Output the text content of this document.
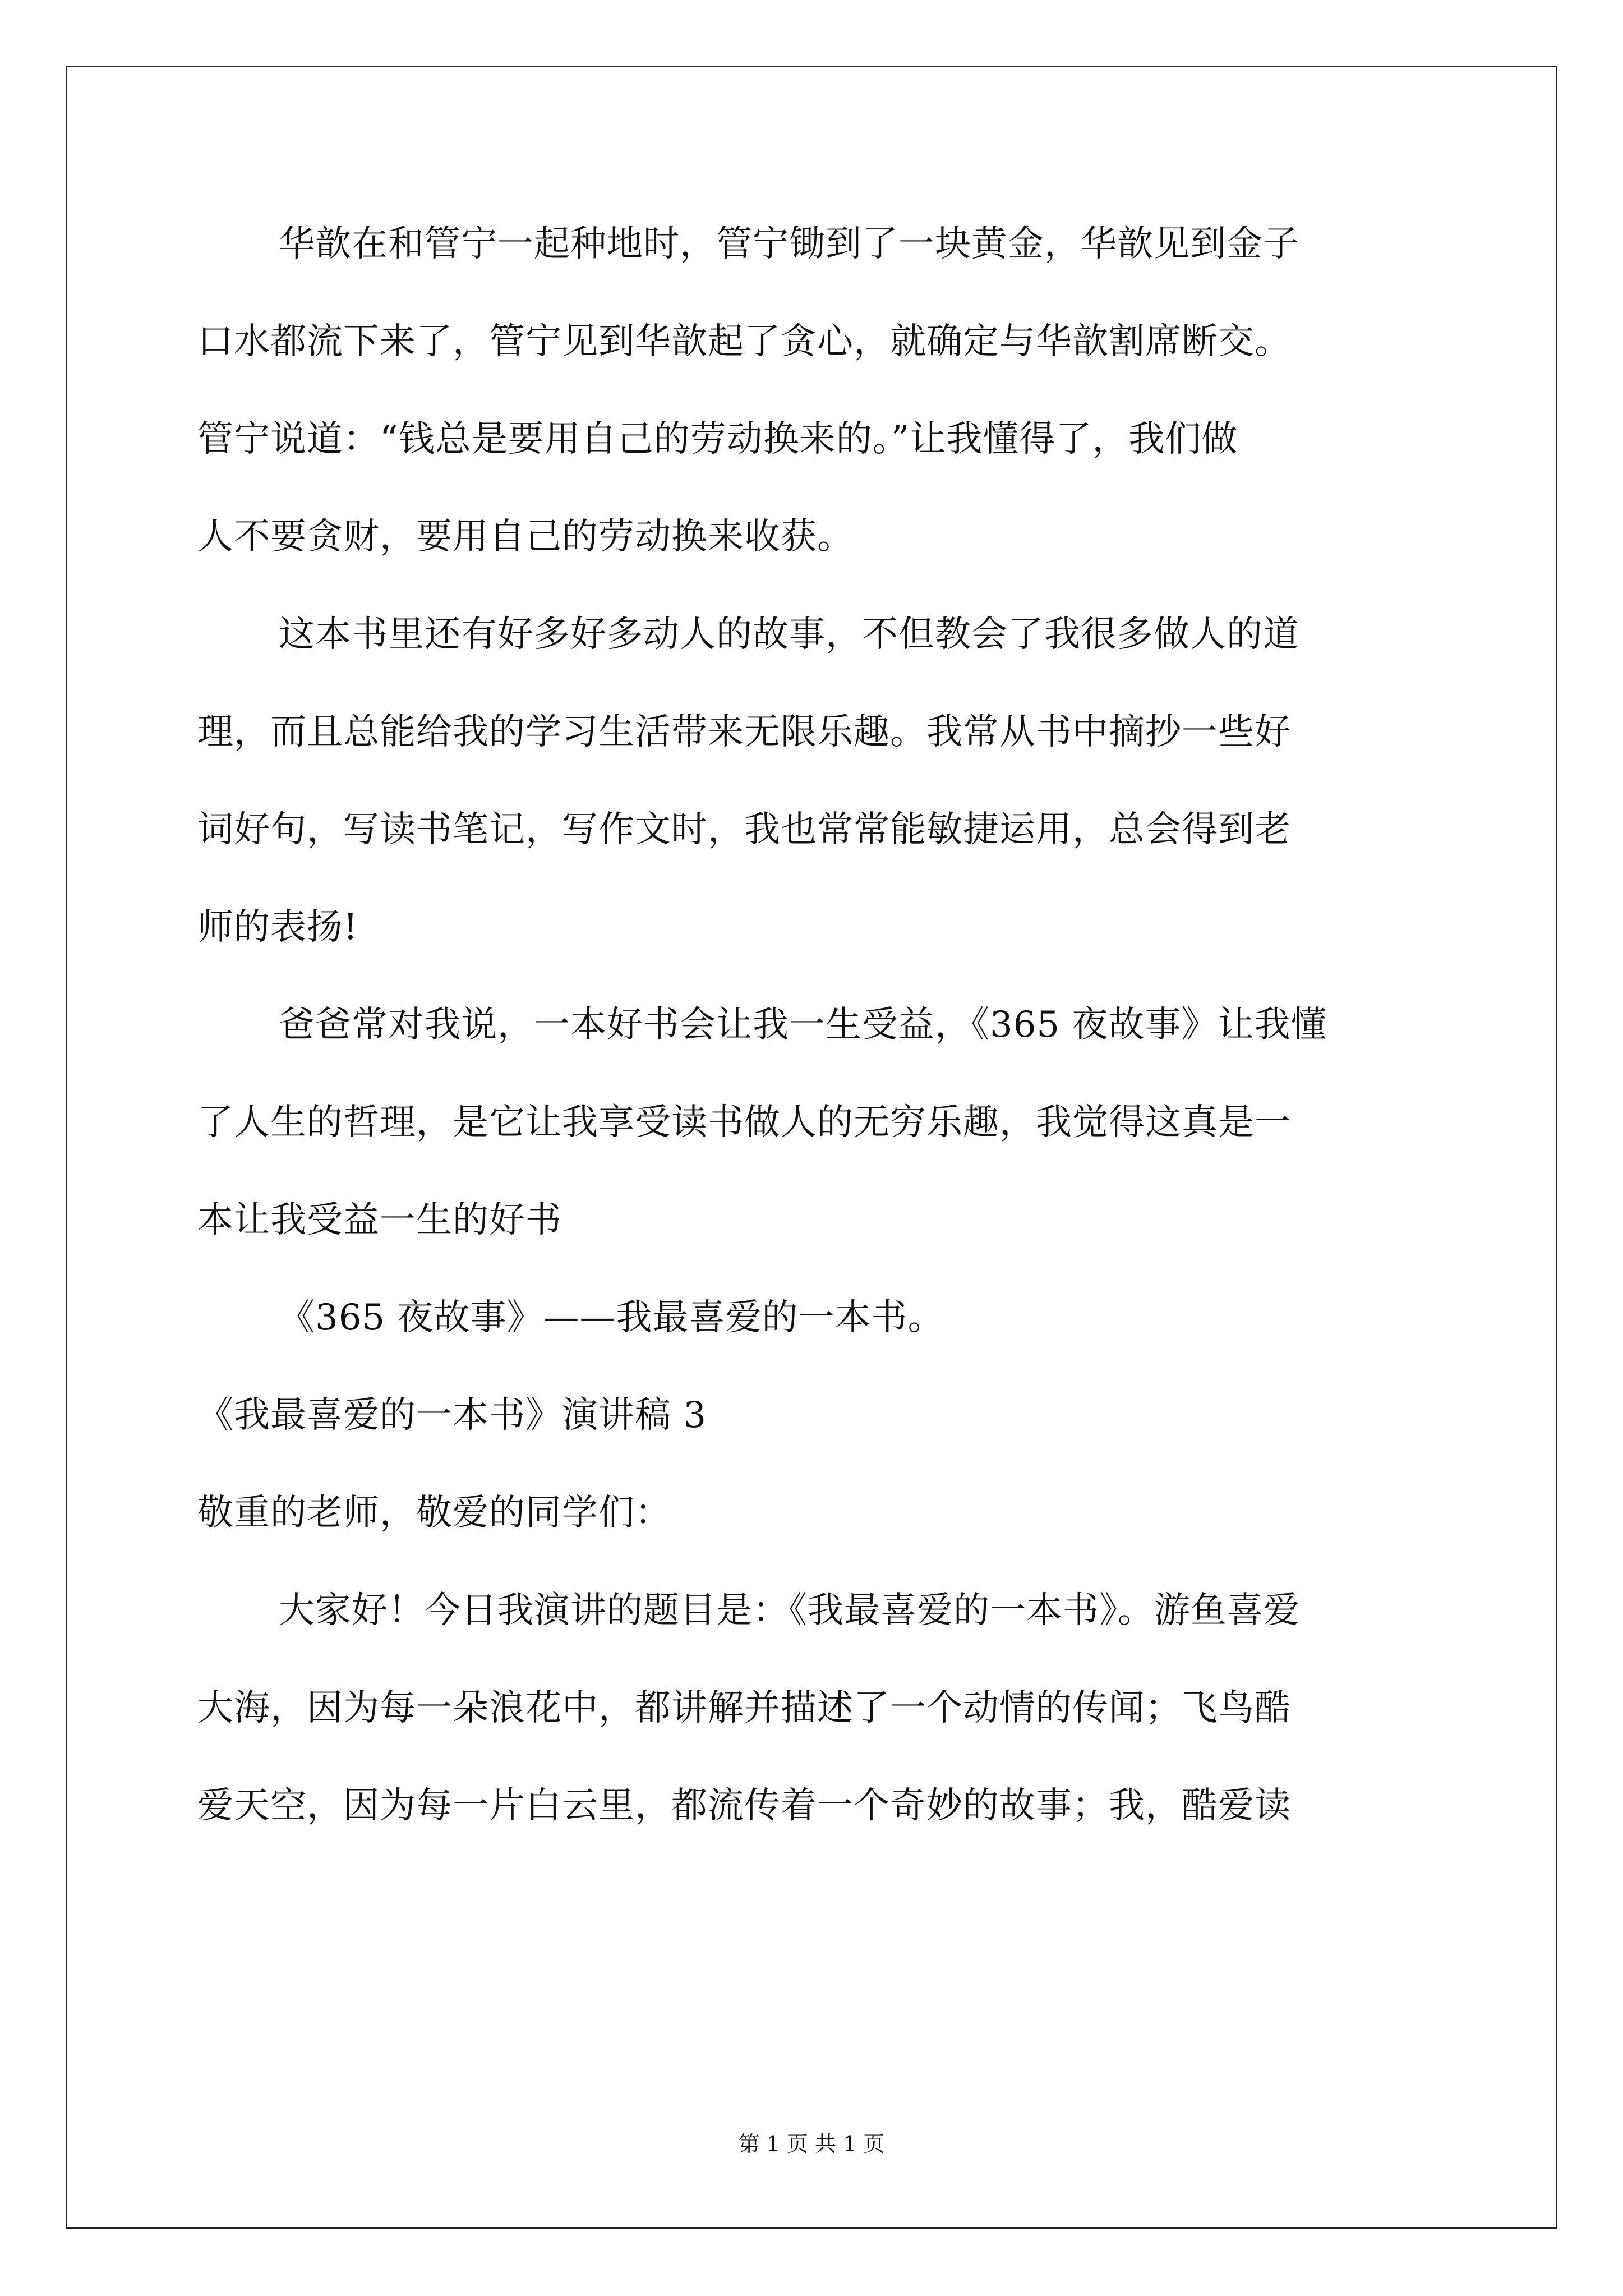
华歆在和管宁一起种地时，管宁锄到了一块黄金，华歆见到金子

口水都流下来了，管宁见到华歆起了贪心，就确定与华歆割席断交。

管宁说道：“钱总是要用自己的劳动换来的。”让我懂得了，我们做

人不要贪财，要用自己的劳动换来收获。

这本书里还有好多好多动人的故事，不但教会了我很多做人的道

理，而且总能给我的学习生活带来无限乐趣。我常从书中摘抄一些好

词好句，写读书笔记，写作文时，我也常常能敏捷运用，总会得到老

师的表扬!

爸爸常对我说，一本好书会让我一生受益，《365 夜故事》让我懂

了人生的哲理，是它让我享受读书做人的无穷乐趣，我觉得这真是一

本让我受益一生的好书

《365 夜故事》——我最喜爱的一本书。

《我最喜爱的一本书》演讲稿 3

敬重的老师，敬爱的同学们：

大家好！今日我演讲的题目是：《我最喜爱的一本书》。游鱼喜爱

大海，因为每一朵浪花中，都讲解并描述了一个动情的传闻；飞鸟酷

爱天空，因为每一片白云里，都流传着一个奇妙的故事；我，酷爱读

第 1 页 共 1 页
